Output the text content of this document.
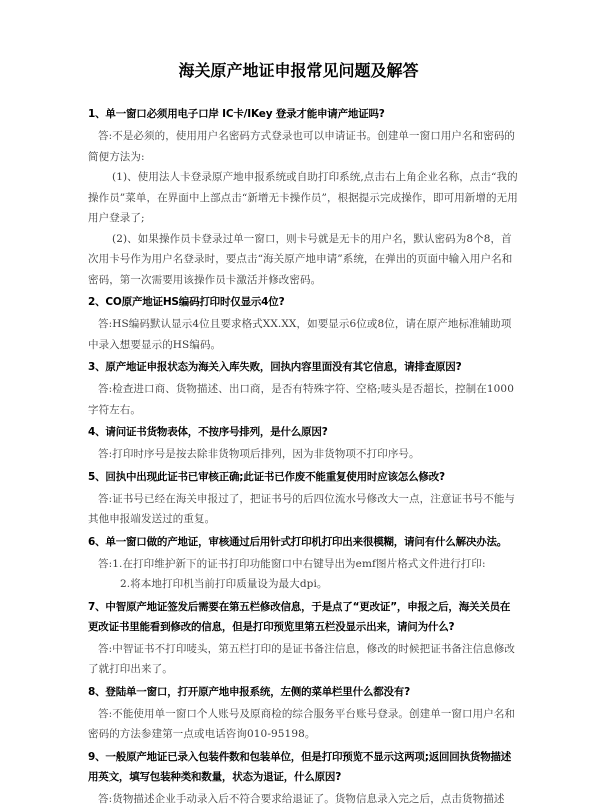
海关原产地证申报常见问题及解答
1、单一窗口必须用电子口岸 IC卡/IKey 登录才能申请产地证吗?

答:不是必须的，使用用户名密码方式登录也可以申请证书。创建单一窗口用户名和密码的简便方法为:

(1)、使用法人卡登录原产地申报系统或自助打印系统,点击右上角企业名称，点击“我的操作员”菜单，在界面中上部点击“新增无卡操作员”，根据提示完成操作，即可用新增的无用用户登录了;

(2)、如果操作员卡登录过单一窗口，则卡号就是无卡的用户名，默认密码为8个8，首次用卡号作为用户名登录时，要点击“海关原产地申请”系统，在弹出的页面中输入用户名和密码，第一次需要用该操作员卡激活并修改密码。

2、CO原产地证HS编码打印时仅显示4位?

答:HS编码默认显示4位且要求格式XX.XX，如要显示6位或8位，请在原产地标准辅助项中录入想要显示的HS编码。

3、原产地证申报状态为海关入库失败，回执内容里面没有其它信息，请排查原因?

答:检查进口商、货物描述、出口商，是否有特殊字符、空格;唛头是否超长，控制在1000字符左右。

4、请问证书货物表体，不按序号排列，是什么原因?

答:打印时序号是按去除非货物项后排列，因为非货物项不打印序号。

5、回执中出现此证书已审核正确;此证书已作废不能重复使用时应该怎么修改?

答:证书号已经在海关申报过了，把证书号的后四位流水号修改大一点，注意证书号不能与其他申报端发送过的重复。

6、单一窗口做的产地证，审核通过后用针式打印机打印出来很模糊，请问有什么解决办法。

答:1.在打印维护新下的证书打印功能窗口中右键导出为emf图片格式文件进行打印:

2.将本地打印机当前打印质量设为最大dpi。

7、中智原产地证签发后需要在第五栏修改信息，于是点了“更改证”，申报之后，海关关员在更改证书里能看到修改的信息，但是打印预览里第五栏没显示出来，请问为什么?

答:中智证书不打印唛头，第五栏打印的是证书备注信息，修改的时候把证书备注信息修改了就打印出来了。

8、登陆单一窗口，打开原产地申报系统，左侧的菜单栏里什么都没有?

答:不能使用单一窗口个人账号及原商检的综合服务平台账号登录。创建单一窗口用户名和密码的方法参建第一点或电话咨询010-95198。

9、一般原产地证已录入包装件数和包装单位，但是打印预览不显示这两项;返回回执货物描述用英文，填写包装种类和数量，状态为退证，什么原因?

答:货物描述企业手动录入后不符合要求给退证了。货物信息录入完之后，点击货物描述
